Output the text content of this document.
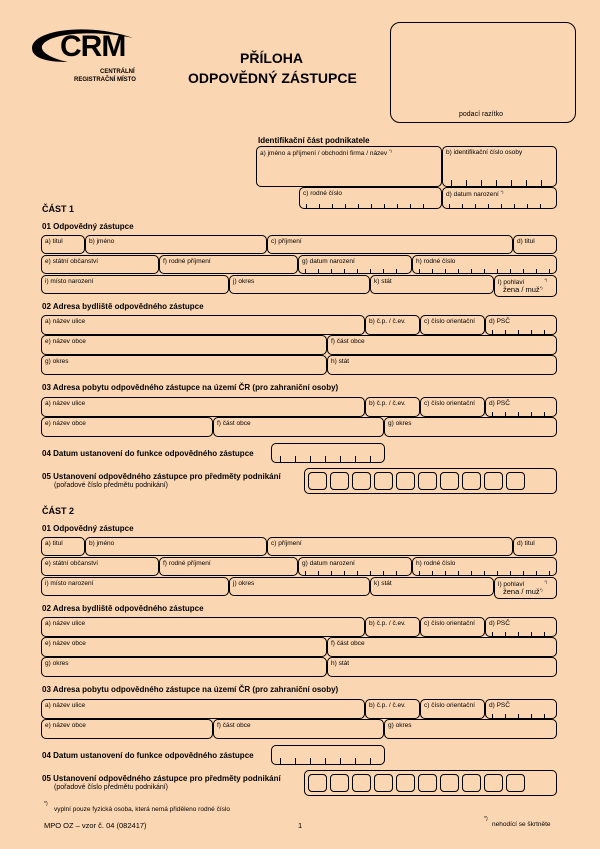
CRM
CENTRÁLNÍ
REGISTRAČNÍ MÍSTO
PŘÍLOHA
ODPOVĚDNÝ ZÁSTUPCE
podací razítko
Identifikační část podnikatele
a) jméno a příjmení / obchodní firma / název *)	b) identifikační číslo osoby
c) rodné číslo	d) datum narození *)
ČÁST 1
01 Odpovědný zástupce
a) titul	b) jméno	c) příjmení	d) titul
e) státní občanství	f) rodné příjmení	g) datum narození	h) rodné číslo
i) místo narození	j) okres	k) stát	l) pohlaví	*)
žena / muž*)
02 Adresa bydliště odpovědného zástupce
a) název ulice	b) č.p. / č.ev.	c) číslo orientační	d) PSČ
e) název obce	f) část obce
g) okres	h) stát
03 Adresa pobytu odpovědného zástupce na území ČR (pro zahraniční osoby)
a) název ulice	b) č.p. / č.ev.	c) číslo orientační	d) PSČ
e) název obce	f) část obce	g) okres
04 Datum ustanovení do funkce odpovědného zástupce
05 Ustanovení odpovědného zástupce pro předměty podnikání
(pořadové číslo předmětu podnikání)
ČÁST 2
01 Odpovědný zástupce
a) titul	b) jméno	c) příjmení	d) titul
e) státní občanství	f) rodné příjmení	g) datum narození	h) rodné číslo
i) místo narození	j) okres	k) stát	l) pohlaví	*)
žena / muž*)
02 Adresa bydliště odpovědného zástupce
a) název ulice	b) č.p. / č.ev.	c) číslo orientační	d) PSČ
e) název obce	f) část obce
g) okres	h) stát
03 Adresa pobytu odpovědného zástupce na území ČR (pro zahraniční osoby)
a) název ulice	b) č.p. / č.ev.	c) číslo orientační	d) PSČ
e) název obce	f) část obce	g) okres
04 Datum ustanovení do funkce odpovědného zástupce
05 Ustanovení odpovědného zástupce pro předměty podnikání
(pořadové číslo předmětu podnikání)
*)
vyplní pouze fyzická osoba, která nemá přiděleno rodné číslo
MPO OZ – vzor č. 04 (082417)	1
*)
nehodící se škrtněte
